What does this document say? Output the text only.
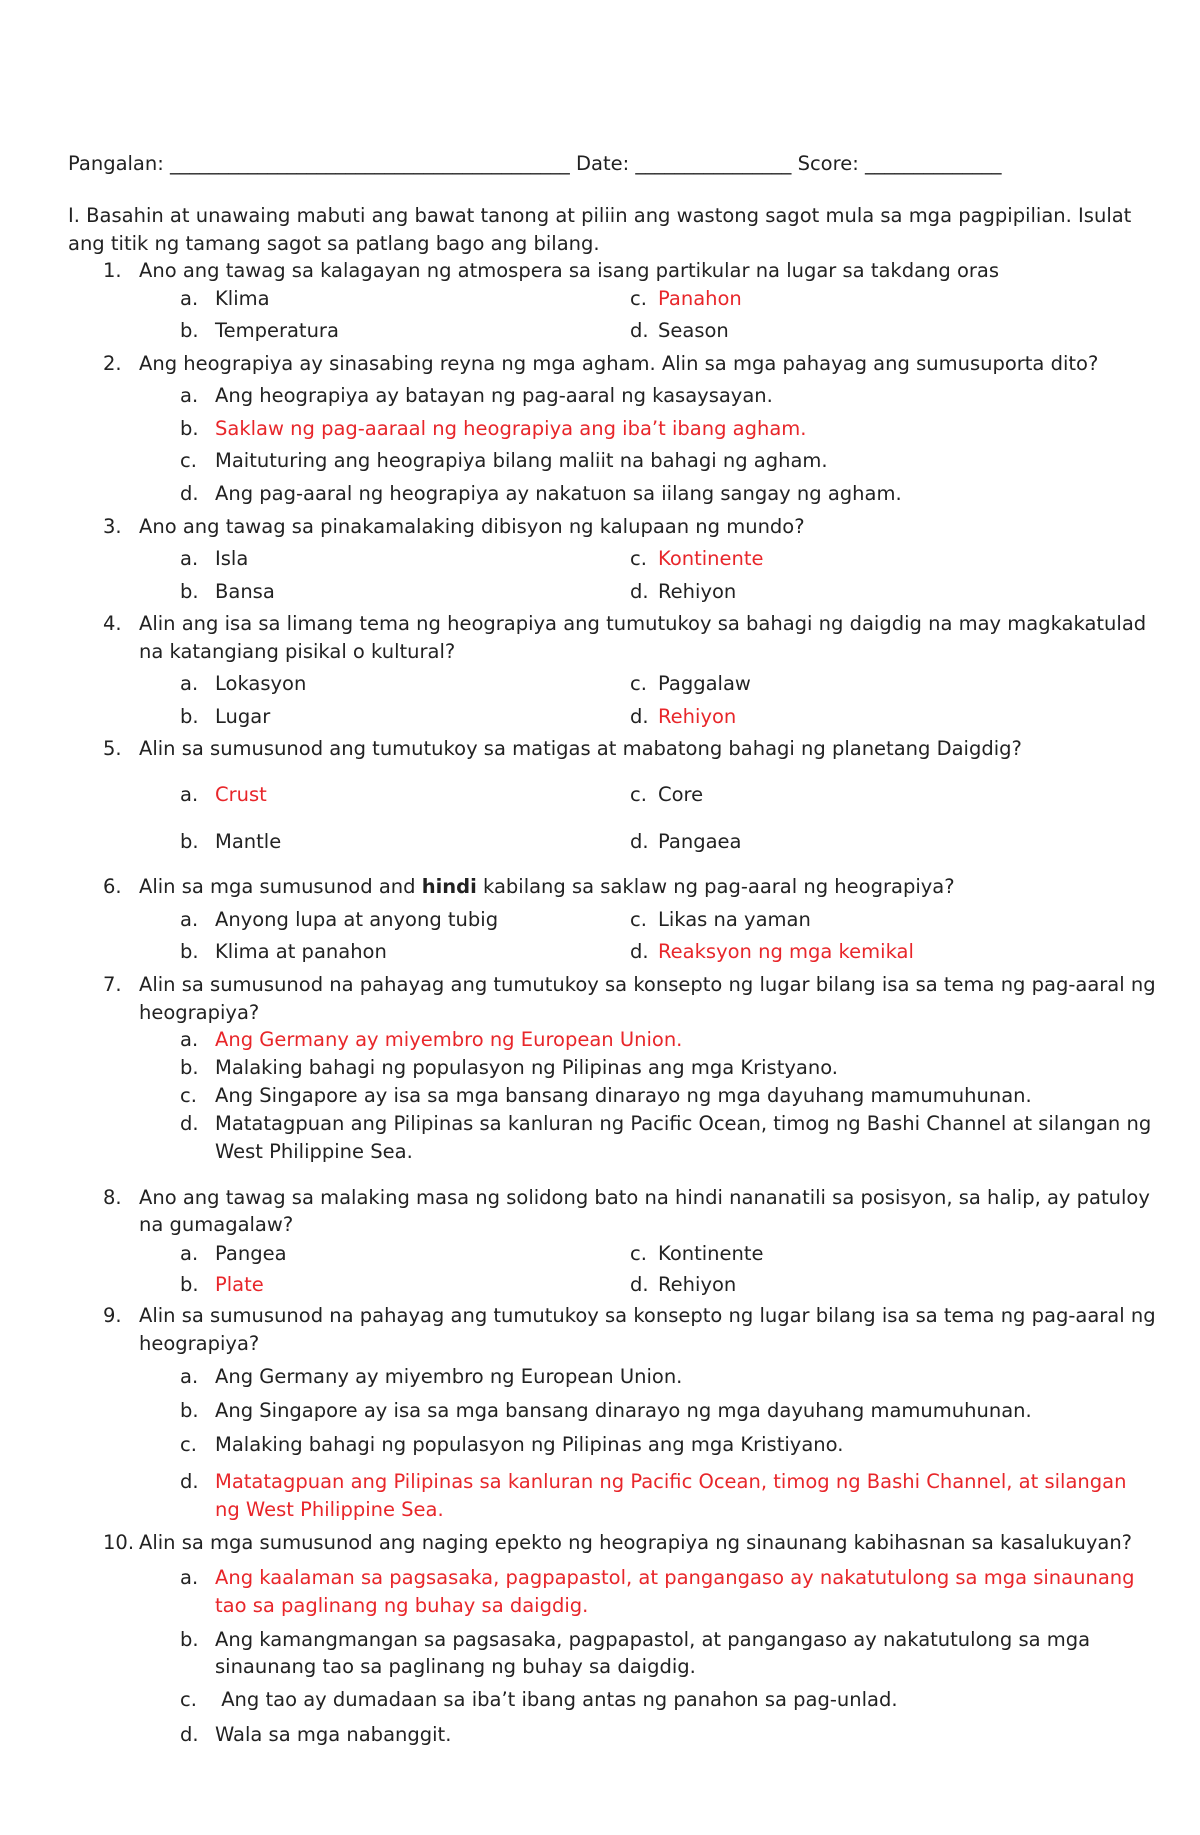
Pangalan: _________________________________________ Date: ________________ Score: ______________
I. Basahin at unawaing mabuti ang bawat tanong at piliin ang wastong sagot mula sa mga pagpipilian. Isulat
ang titik ng tamang sagot sa patlang bago ang bilang.
1. Ano ang tawag sa kalagayan ng atmospera sa isang partikular na lugar sa takdang oras
a. Klima
b. Temperatura
c. Panahon
d. Season
2. Ang heograpiya ay sinasabing reyna ng mga agham. Alin sa mga pahayag ang sumusuporta dito?
a. Ang heograpiya ay batayan ng pag-aaral ng kasaysayan.
b. Saklaw ng pag-aaraal ng heograpiya ang iba’t ibang agham.
c. Maituturing ang heograpiya bilang maliit na bahagi ng agham.
d. Ang pag-aaral ng heograpiya ay nakatuon sa iilang sangay ng agham.
3. Ano ang tawag sa pinakamalaking dibisyon ng kalupaan ng mundo?
a. Isla
b. Bansa
c. Kontinente
d. Rehiyon
4. Alin ang isa sa limang tema ng heograpiya ang tumutukoy sa bahagi ng daigdig na may magkakatulad
na katangiang pisikal o kultural?
a. Lokasyon
b. Lugar
c. Paggalaw
d. Rehiyon
5. Alin sa sumusunod ang tumutukoy sa matigas at mabatong bahagi ng planetang Daigdig?
a. Crust
b. Mantle
c. Core
d. Pangaea
6. Alin sa mga sumusunod and hindi kabilang sa saklaw ng pag-aaral ng heograpiya?
a. Anyong lupa at anyong tubig
b. Klima at panahon
c. Likas na yaman
d. Reaksyon ng mga kemikal
7. Alin sa sumusunod na pahayag ang tumutukoy sa konsepto ng lugar bilang isa sa tema ng pag-aaral ng
heograpiya?
a. Ang Germany ay miyembro ng European Union.
b. Malaking bahagi ng populasyon ng Pilipinas ang mga Kristyano.
c. Ang Singapore ay isa sa mga bansang dinarayo ng mga dayuhang mamumuhunan.
d. Matatagpuan ang Pilipinas sa kanluran ng Pacific Ocean, timog ng Bashi Channel at silangan ng
West Philippine Sea.
8. Ano ang tawag sa malaking masa ng solidong bato na hindi nananatili sa posisyon, sa halip, ay patuloy
na gumagalaw?
a. Pangea
b. Plate
c. Kontinente
d. Rehiyon
9. Alin sa sumusunod na pahayag ang tumutukoy sa konsepto ng lugar bilang isa sa tema ng pag-aaral ng
heograpiya?
a. Ang Germany ay miyembro ng European Union.
b. Ang Singapore ay isa sa mga bansang dinarayo ng mga dayuhang mamumuhunan.
c. Malaking bahagi ng populasyon ng Pilipinas ang mga Kristiyano.
d. Matatagpuan ang Pilipinas sa kanluran ng Pacific Ocean, timog ng Bashi Channel, at silangan
ng West Philippine Sea.
10. Alin sa mga sumusunod ang naging epekto ng heograpiya ng sinaunang kabihasnan sa kasalukuyan?
a. Ang kaalaman sa pagsasaka, pagpapastol, at pangangaso ay nakatutulong sa mga sinaunang
tao sa paglinang ng buhay sa daigdig.
b. Ang kamangmangan sa pagsasaka, pagpapastol, at pangangaso ay nakatutulong sa mga
sinaunang tao sa paglinang ng buhay sa daigdig.
c. Ang tao ay dumadaan sa iba’t ibang antas ng panahon sa pag-unlad.
d. Wala sa mga nabanggit.
